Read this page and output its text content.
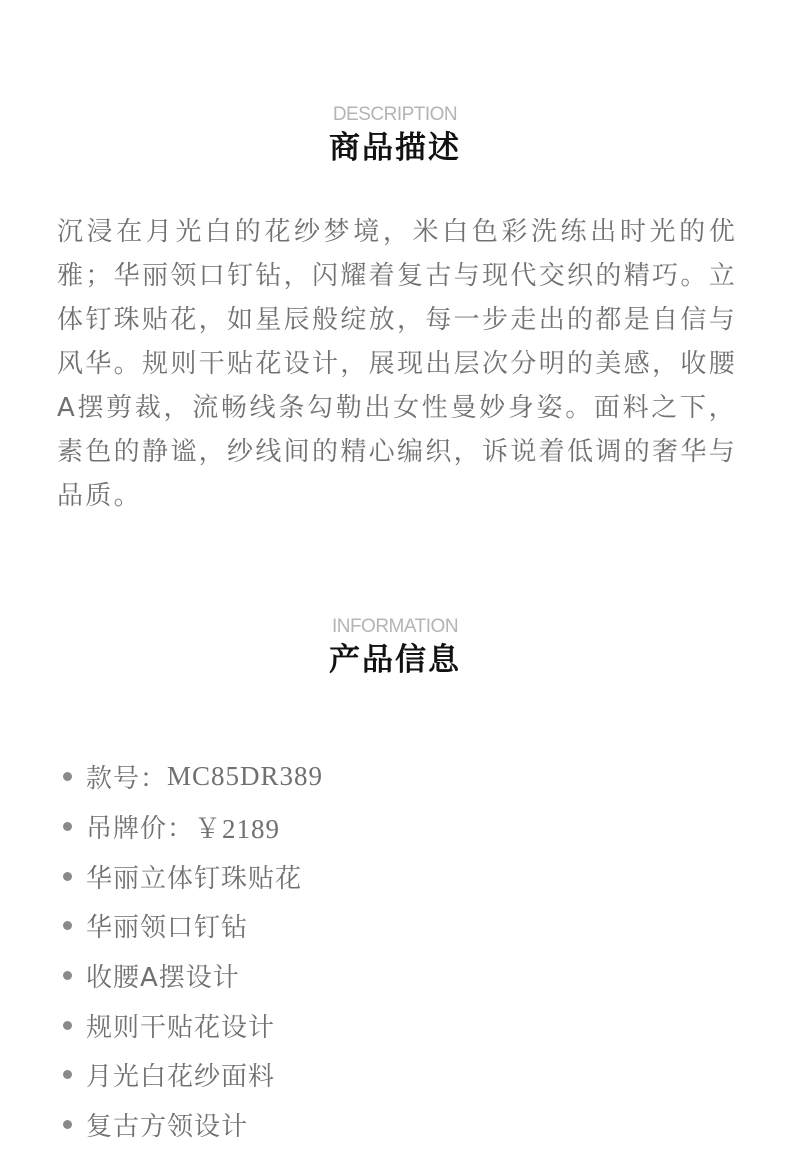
DESCRIPTION
商品描述

沉浸在月光白的花纱梦境，米白色彩洗练出时光的优雅；华丽领口钉钻，闪耀着复古与现代交织的精巧。立体钉珠贴花，如星辰般绽放，每一步走出的都是自信与风华。规则干贴花设计，展现出层次分明的美感，收腰A摆剪裁，流畅线条勾勒出女性曼妙身姿。面料之下，素色的静谧，纱线间的精心编织，诉说着低调的奢华与品质。

INFORMATION
产品信息
款号： MC85DR389
吊牌价： ￥2189
华丽立体钉珠贴花
华丽领口钉钻
收腰A摆设计
规则干贴花设计
月光白花纱面料
复古方领设计
